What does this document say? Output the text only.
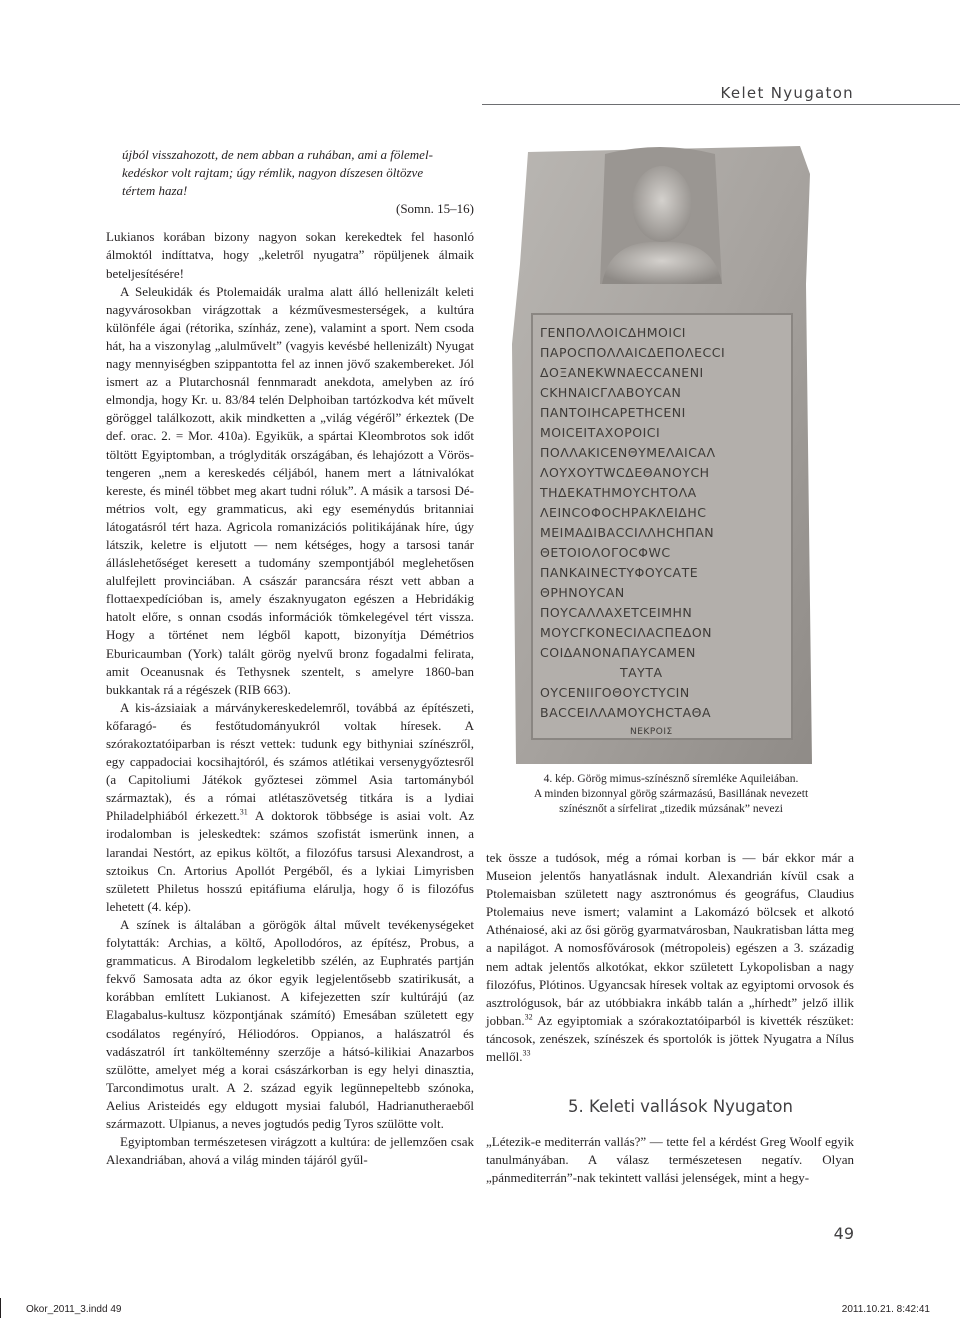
Kelet Nyugaton

újból visszahozott, de nem abban a ruhában, ami a fölemel-

kedéskor volt rajtam; úgy rémlik, nagyon díszesen öltözve

tértem haza!

(Somn. 15–16)

Lukianos korában bizony nagyon sokan kerekedtek fel hasonló álmoktól indíttatva, hogy „keletről nyugatra” röpüljenek álmaik beteljesítésére!

A Seleukidák és Ptolemaidák uralma alatt álló hellenizált keleti nagyvárosokban virágzottak a kézművesmesterségek, a kultúra különféle ágai (rétorika, színház, zene), valamint a sport. Nem csoda hát, ha a viszonylag „alulművelt” (vagyis kevésbé hellenizált) Nyugat nagy mennyiségben szippantotta fel az innen jövő szakembereket. Jól ismert az a Plutarchosnál fennmaradt anekdota, amelyben az író elmondja, hogy Kr. u. 83/84 telén Delphoiban tartózkodva két művelt göröggel találkozott, akik mindketten a „világ végéről” érkeztek (De def. orac. 2. = Mor. 410a). Egyikük, a spártai Kleombrotos sok időt töltött Egyiptomban, a tróglyditák országában, és lehajózott a Vörös-tengeren „nem a kereskedés céljából, hanem mert a látnivalókat kereste, és minél többet meg akart tudni róluk”. A másik a tarsosi Démétrios volt, egy grammaticus, aki egy eseménydús britanniai látogatásról tért haza. Agricola romanizációs politikájának híre, úgy látszik, keletre is eljutott — nem kétséges, hogy a tarsosi tanár álláslehetőséget keresett a tudomány szempontjából meglehetősen alulfejlett provinciában. A császár parancsára részt vett abban a flottaexpedícióban is, amely északnyugaton egészen a Hebridákig hatolt előre, s onnan csodás információk tömkelegével tért vissza. Hogy a történet nem légből kapott, bizonyítja Démétrios Eburicaumban (York) talált görög nyelvű bronz fogadalmi felirata, amit Oceanusnak és Tethysnek szentelt, s amelyre 1860-ban bukkantak rá a régészek (RIB 663).

A kis-ázsiaiak a márványkereskedelemről, továbbá az építészeti, kőfaragó- és festőtudományukról voltak híresek. A szórakoztatóiparban is részt vettek: tudunk egy bithyniai színészről, egy cappadociai kocsihajtóról, és számos atlétikai versenygyőztesről (a Capitoliumi Játékok győztesei zömmel Asia tartományból származtak), és a római atlétaszövetség titkára is a lydiai Philadelphiából érkezett.$^{31}$ A doktorok többsége is asiai volt. Az irodalomban is jeleskedtek: számos szofistát ismerünk innen, a larandai Nestórt, az epikus költőt, a filozófus tarsusi Alexandrost, a sztoikus Cn. Artorius Apollót Pergéből, és a lykiai Limyrisben született Philetus hosszú epitáfiuma elárulja, hogy ő is filozófus lehetett (4. kép).

A színek is általában a görögök által művelt tevékenységeket folytatták: Archias, a költő, Apollodóros, az építész, Probus, a grammaticus. A Birodalom legkeletibb szélén, az Euphratés partján fekvő Samosata adta az ókor egyik legjelentősebb szatirikusát, a korábban említett Lukianost. A kifejezetten szír kultúrájú (az Elagabalus-kultusz központjának számító) Emesában született egy csodálatos regényíró, Héliodóros. Oppianos, a halászatról és vadászatról írt tankölteménny szerzője a hátsó-kilikiai Anazarbos szülötte, amelyet még a korai császárkorban is egy helyi dinasztia, Tarcondimotus uralt. A 2. század egyik legünnepeltebb szónoka, Aelius Aristeidés egy eldugott mysiai faluból, Hadrianutheraeből származott. Ulpianus, a neves jogtudós pedig Tyros szülötte volt.

Egyiptomban természetesen virágzott a kultúra: de jellemzően csak Alexandriában, ahová a világ minden tájáról gyűl-

ΓΕΝΠΟΛΛΟΙCΔΗΜΟΙCΙ
ΠΑΡΟCΠΟΛΛΑΙCΔΕΠΟΛΕCCΙ
ΔΟΞΑΝΕΚWΝΑΕCCΑΝΕΝΙ
CΚΗΝΑΙCΓΛΑΒΟΥCΑΝ
ΠΑΝΤΟΙΗCΑΡΕΤΗCΕΝΙ
ΜΟΙCΕΙΤΑΧΟΡΟΙCΙ
ΠΟΛΛΑΚΙCΕΝΘΥΜΕΛΑΙCΑΛ
ΛΟΥΧΟΥΤWCΔΕΘΑΝΟΥCΗ
ΤΗΔΕΚΑΤΗΜΟΥCΗΤΟΛΑ
ΛΕΙΝCΟΦΟCΗΡΑΚΛΕΙΔΗC
ΜΕΙΜΑΔΙΒΑCCΙΛΛΗCΗΠΑΝ
ΘΕΤΟΙΟΛΟΓΟCΦWC
ΠΑΝΚΑΙΝΕCΤΥΦΟΥCΑΤΕ
ΘΡΗΝΟΥCΑΝ
ΠΟΥCΑΛΛΑΧΕΤCΕΙΜΗΝ
ΜΟΥCΓΚΟΝΕCΙΛΑCΠΕΔΟΝ
CΟΙΔΑΝΟΝΑΠΑΥCΑΜΕΝ
ΤΑΥΤΑ
ΟΥCΕΝΙΙΓΟΘΟΥCΤΥCΙΝ
ΒΑCCΕΙΛΛΑΜΟΥCΗCΤΑΘΑ
ΝΕΚΡΟΙΣ
4. kép. Görög mimus-színésznő síremléke Aquileiában.
A minden bizonnyal görög származású, Basillának nevezett
színésznőt a sírfelirat „tizedik múzsának” nevezi

tek össze a tudósok, még a római korban is — bár ekkor már a Museion jelentős hanyatlásnak indult. Alexandrián kívül csak a Ptolemaisban született nagy asztronómus és geográfus, Claudius Ptolemaius neve ismert; valamint a Lakomázó bölcsek et alkotó Athénaiosé, aki az ősi görög gyarmatvárosban, Naukratisban látta meg a napilágot. A nomosfővárosok (métropoleis) egészen a 3. századig nem adtak jelentős alkotókat, ekkor született Lykopolisban a nagy filozófus, Plótinos. Ugyancsak híresek voltak az egyiptomi orvosok és asztrológusok, bár az utóbbiakra inkább talán a „hírhedt” jelző illik jobban.$^{32}$ Az egyiptomiak a szórakoztatóiparból is kivették részüket: táncosok, zenészek, színészek és sportolók is jöttek Nyugatra a Nílus mellől.$^{33}$

5. Keleti vallások Nyugaton

„Létezik-e mediterrán vallás?” — tette fel a kérdést Greg Woolf egyik tanulmányában. A válasz természetesen negatív. Olyan „pánmediterrán”-nak tekintett vallási jelenségek, mint a hegy-

49
Okor_2011_3.indd 49	2011.10.21. 8:42:41
